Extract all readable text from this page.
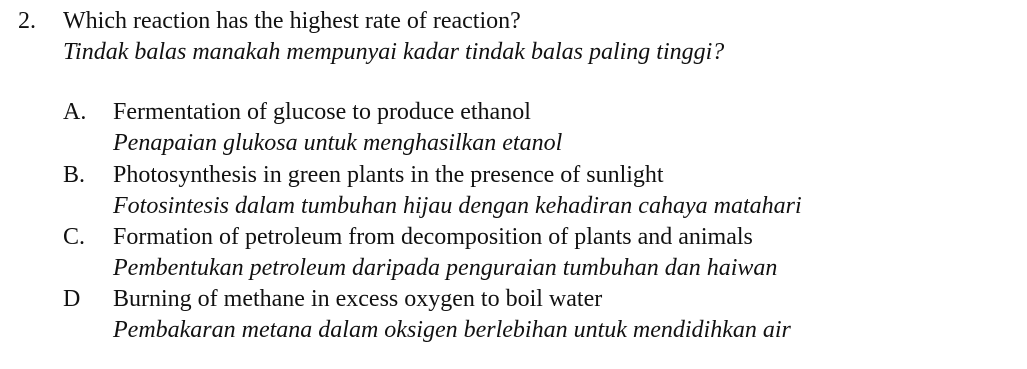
2. Which reaction has the highest rate of reaction?
Tindak balas manakah mempunyai kadar tindak balas paling tinggi?
A. Fermentation of glucose to produce ethanol
Penapaian glukosa untuk menghasilkan etanol
B. Photosynthesis in green plants in the presence of sunlight
Fotosintesis dalam tumbuhan hijau dengan kehadiran cahaya matahari
C. Formation of petroleum from decomposition of plants and animals
Pembentukan petroleum daripada penguraian tumbuhan dan haiwan
D Burning of methane in excess oxygen to boil water
Pembakaran metana dalam oksigen berlebihan untuk mendidihkan air
